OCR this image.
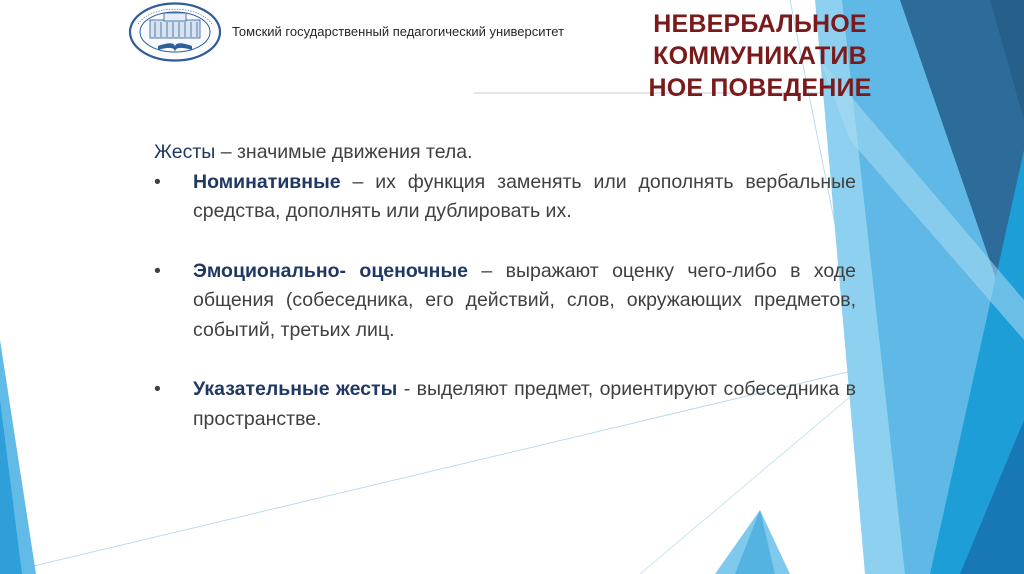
Томский государственный педагогический университет	НЕВЕРБАЛЬНОЕ
КОММУНИКАТИВ
НОЕ ПОВЕДЕНИЕ

Жесты – значимые движения тела.

• Номинативные – их функция заменять или дополнять вербальные средства, дополнять или дублировать их.
• Эмоционально- оценочные – выражают оценку чего-либо в ходе общения (собеседника, его действий, слов, окружающих предметов, событий, третьих лиц.
• Указательные жесты - выделяют предмет, ориентируют собеседника в пространстве.
